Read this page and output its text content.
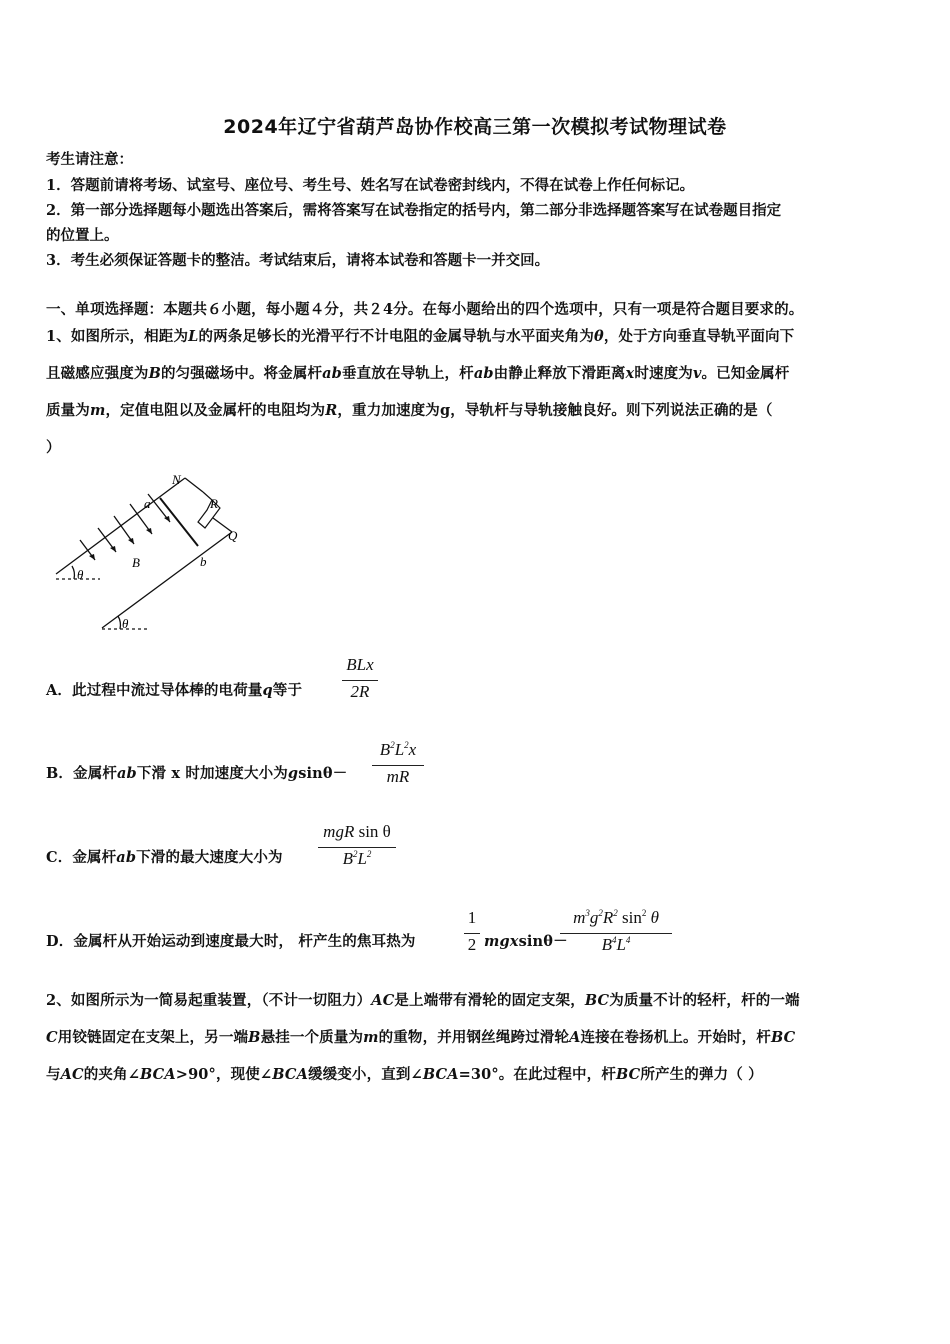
2024年辽宁省葫芦岛协作校高三第一次模拟考试物理试卷
考生请注意：
1．答题前请将考场、试室号、座位号、考生号、姓名写在试卷密封线内，不得在试卷上作任何标记。
2．第一部分选择题每小题选出答案后，需将答案写在试卷指定的括号内，第二部分非选择题答案写在试卷题目指定
的位置上。
3．考生必须保证答题卡的整洁。考试结束后，请将本试卷和答题卡一并交回。
一、单项选择题：本题共６小题，每小题４分，共２4分。在每小题给出的四个选项中，只有一项是符合题目要求的。
1、如图所示，相距为L的两条足够长的光滑平行不计电阻的金属导轨与水平面夹角为θ，处于方向垂直导轨平面向下
且磁感应强度为B的匀强磁场中。将金属杆ab垂直放在导轨上，杆ab由静止释放下滑距离x时速度为v。已知金属杆
质量为m，定值电阻以及金属杆的电阻均为R，重力加速度为g，导轨杆与导轨接触良好。则下列说法正确的是（
）
N
a	R
Q
B	b
θ
θ
A．此过程中流过导体棒的电荷量q等于
BLx
2R
B．金属杆ab下滑 x 时加速度大小为gsinθ－
$B^2L^2x$
mR
C．金属杆ab下滑的最大速度大小为
mgR sin θ
$B^2L^2$
D．金属杆从开始运动到速度最大时， 杆产生的焦耳热为
1
2 mgxsinθ－
$m^3g^2R^2$ $\sin^2 \theta$
$B^4L^4$
2、如图所示为一简易起重装置，（不计一切阻力）AC是上端带有滑轮的固定支架，BC为质量不计的轻杆，杆的一端
C用铰链固定在支架上，另一端B悬挂一个质量为m的重物，并用钢丝绳跨过滑轮A连接在卷扬机上。开始时，杆BC
与AC的夹角∠BCA>90°，现使∠BCA缓缓变小，直到∠BCA=30°。在此过程中，杆BC所产生的弹力（ ）
